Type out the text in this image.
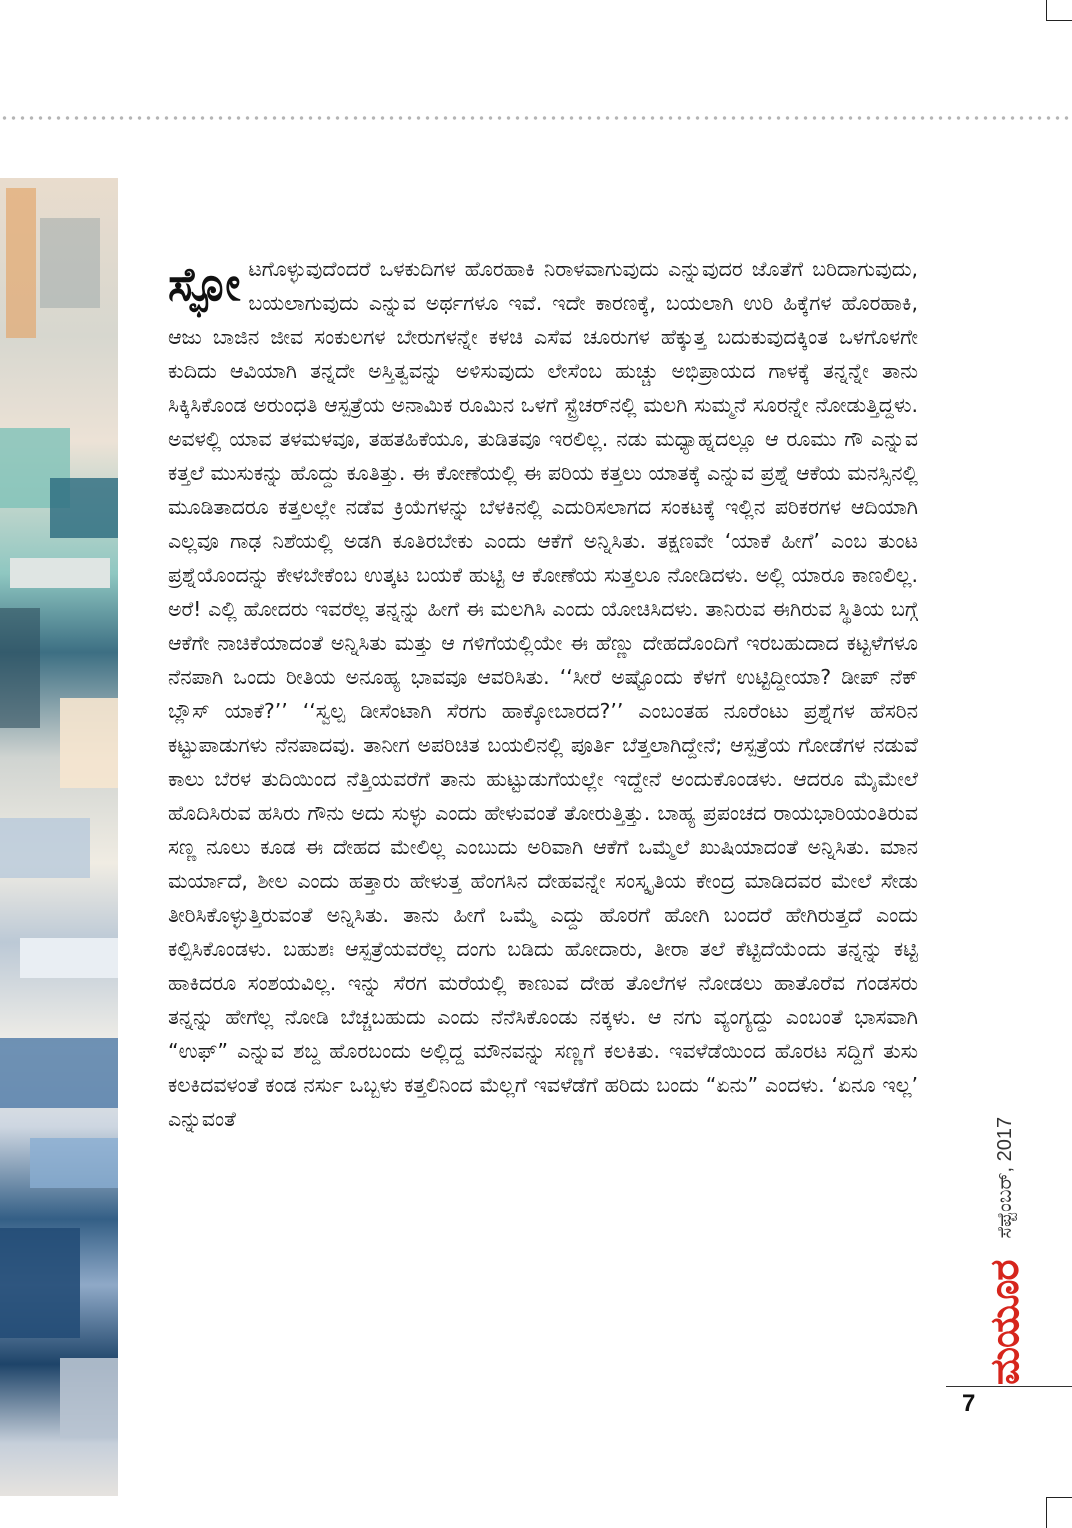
ಸ್ಫೋ ಟಗೊಳ್ಳುವುದೆಂದರೆ ಒಳಕುದಿಗಳ ಹೊರಹಾಕಿ ನಿರಾಳವಾಗುವುದು ಎನ್ನುವುದರ ಜೊತೆಗೆ ಬರಿದಾಗುವುದು, ಬಯಲಾಗುವುದು ಎನ್ನುವ ಅರ್ಥಗಳೂ ಇವೆ. ಇದೇ ಕಾರಣಕ್ಕೆ, ಬಯಲಾಗಿ ಉರಿ ಹಿಕ್ಕೆಗಳ ಹೊರಹಾಕಿ, ಆಜು ಬಾಜಿನ ಜೀವ ಸಂಕುಲಗಳ ಬೇರುಗಳನ್ನೇ ಕಳಚಿ ಎಸೆವ ಚೂರುಗಳ ಹೆಕ್ಕುತ್ತ ಬದುಕುವುದಕ್ಕಿಂತ ಒಳಗೊಳಗೇ ಕುದಿದು ಆವಿಯಾಗಿ ತನ್ನದೇ ಅಸ್ತಿತ್ವವನ್ನು ಅಳಿಸುವುದು ಲೇಸೆಂಬ ಹುಚ್ಚು ಅಭಿಪ್ರಾಯದ ಗಾಳಕ್ಕೆ ತನ್ನನ್ನೇ ತಾನು ಸಿಕ್ಕಿಸಿಕೊಂಡ ಅರುಂಧತಿ ಆಸ್ಪತ್ರೆಯ ಅನಾಮಿಕ ರೂಮಿನ ಒಳಗೆ ಸ್ಟ್ರೆಚರ್‌ನಲ್ಲಿ ಮಲಗಿ ಸುಮ್ಮನೆ ಸೂರನ್ನೇ ನೋಡುತ್ತಿದ್ದಳು. ಅವಳಲ್ಲಿ ಯಾವ ತಳಮಳವೂ, ತಹತಹಿಕೆಯೂ, ತುಡಿತವೂ ಇರಲಿಲ್ಲ. ನಡು ಮಧ್ಯಾಹ್ನದಲ್ಲೂ ಆ ರೂಮು ಗೌ ಎನ್ನುವ ಕತ್ತಲೆ ಮುಸುಕನ್ನು ಹೊದ್ದು ಕೂತಿತ್ತು. ಈ ಕೋಣೆಯಲ್ಲಿ ಈ ಪರಿಯ ಕತ್ತಲು ಯಾತಕ್ಕೆ ಎನ್ನುವ ಪ್ರಶ್ನೆ ಆಕೆಯ ಮನಸ್ಸಿನಲ್ಲಿ ಮೂಡಿತಾದರೂ ಕತ್ತಲಲ್ಲೇ ನಡೆವ ಕ್ರಿಯೆಗಳನ್ನು ಬೆಳಕಿನಲ್ಲಿ ಎದುರಿಸಲಾಗದ ಸಂಕಟಕ್ಕೆ ಇಲ್ಲಿನ ಪರಿಕರಗಳ ಆದಿಯಾಗಿ ಎಲ್ಲವೂ ಗಾಢ ನಿಶೆಯಲ್ಲಿ ಅಡಗಿ ಕೂತಿರಬೇಕು ಎಂದು ಆಕೆಗೆ ಅನ್ನಿಸಿತು. ತಕ್ಷಣವೇ ‘ಯಾಕೆ ಹೀಗೆ’ ಎಂಬ ತುಂಟ ಪ್ರಶ್ನೆಯೊಂದನ್ನು ಕೇಳಬೇಕೆಂಬ ಉತ್ಕಟ ಬಯಕೆ ಹುಟ್ಟಿ ಆ ಕೋಣೆಯ ಸುತ್ತಲೂ ನೋಡಿದಳು. ಅಲ್ಲಿ ಯಾರೂ ಕಾಣಲಿಲ್ಲ. ಅರೆ! ಎಲ್ಲಿ ಹೋದರು ಇವರೆಲ್ಲ ತನ್ನನ್ನು ಹೀಗೆ ಈ ಮಲಗಿಸಿ ಎಂದು ಯೋಚಿಸಿದಳು. ತಾನಿರುವ ಈಗಿರುವ ಸ್ಥಿತಿಯ ಬಗ್ಗೆ ಆಕೆಗೇ ನಾಚಿಕೆಯಾದಂತೆ ಅನ್ನಿಸಿತು ಮತ್ತು ಆ ಗಳಿಗೆಯಲ್ಲಿಯೇ ಈ ಹೆಣ್ಣು ದೇಹದೊಂದಿಗೆ ಇರಬಹುದಾದ ಕಟ್ಟಳೆಗಳೂ ನೆನಪಾಗಿ ಒಂದು ರೀತಿಯ ಅನೂಹ್ಯ ಭಾವವೂ ಆವರಿಸಿತು. ‘‘ಸೀರೆ ಅಷ್ಟೊಂದು ಕೆಳಗೆ ಉಟ್ಟಿದ್ದೀಯಾ? ಡೀಪ್ ನೆಕ್ ಬ್ಲೌಸ್ ಯಾಕೆ?’’ ‘‘ಸ್ವಲ್ಪ ಡೀಸೆಂಟಾಗಿ ಸೆರಗು ಹಾಕ್ಕೋಬಾರದ?’’ ಎಂಬಂತಹ ನೂರೆಂಟು ಪ್ರಶ್ನೆಗಳ ಹೆಸರಿನ ಕಟ್ಟುಪಾಡುಗಳು ನೆನಪಾದವು. ತಾನೀಗ ಅಪರಿಚಿತ ಬಯಲಿನಲ್ಲಿ ಪೂರ್ತಿ ಬೆತ್ತಲಾಗಿದ್ದೇನೆ; ಆಸ್ಪತ್ರೆಯ ಗೋಡೆಗಳ ನಡುವೆ ಕಾಲು ಬೆರಳ ತುದಿಯಿಂದ ನೆತ್ತಿಯವರೆಗೆ ತಾನು ಹುಟ್ಟುಡುಗೆಯಲ್ಲೇ ಇದ್ದೇನೆ ಅಂದುಕೊಂಡಳು. ಆದರೂ ಮೈಮೇಲೆ ಹೊದಿಸಿರುವ ಹಸಿರು ಗೌನು ಅದು ಸುಳ್ಳು ಎಂದು ಹೇಳುವಂತೆ ತೋರುತ್ತಿತ್ತು. ಬಾಹ್ಯ ಪ್ರಪಂಚದ ರಾಯಭಾರಿಯಂತಿರುವ ಸಣ್ಣ ನೂಲು ಕೂಡ ಈ ದೇಹದ ಮೇಲಿಲ್ಲ ಎಂಬುದು ಅರಿವಾಗಿ ಆಕೆಗೆ ಒಮ್ಮೆಲೆ ಖುಷಿಯಾದಂತೆ ಅನ್ನಿಸಿತು. ಮಾನ ಮರ್ಯಾದೆ, ಶೀಲ ಎಂದು ಹತ್ತಾರು ಹೇಳುತ್ತ ಹೆಂಗಸಿನ ದೇಹವನ್ನೇ ಸಂಸ್ಕೃತಿಯ ಕೇಂದ್ರ ಮಾಡಿದವರ ಮೇಲೆ ಸೇಡು ತೀರಿಸಿಕೊಳ್ಳುತ್ತಿರುವಂತೆ ಅನ್ನಿಸಿತು. ತಾನು ಹೀಗೆ ಒಮ್ಮೆ ಎದ್ದು ಹೊರಗೆ ಹೋಗಿ ಬಂದರೆ ಹೇಗಿರುತ್ತದೆ ಎಂದು ಕಲ್ಪಿಸಿಕೊಂಡಳು. ಬಹುಶಃ ಆಸ್ಪತ್ರೆಯವರೆಲ್ಲ ದಂಗು ಬಡಿದು ಹೋದಾರು, ತೀರಾ ತಲೆ ಕೆಟ್ಟಿದೆಯೆಂದು ತನ್ನನ್ನು ಕಟ್ಟಿ ಹಾಕಿದರೂ ಸಂಶಯವಿಲ್ಲ. ಇನ್ನು ಸೆರಗ ಮರೆಯಲ್ಲಿ ಕಾಣುವ ದೇಹ ತೊಲೆಗಳ ನೋಡಲು ಹಾತೊರೆವ ಗಂಡಸರು ತನ್ನನ್ನು ಹೇಗೆಲ್ಲ ನೋಡಿ ಬೆಚ್ಚಬಹುದು ಎಂದು ನೆನೆಸಿಕೊಂಡು ನಕ್ಕಳು. ಆ ನಗು ವ್ಯಂಗ್ಯದ್ದು ಎಂಬಂತೆ ಭಾಸವಾಗಿ “ಉಫ್” ಎನ್ನುವ ಶಬ್ದ ಹೊರಬಂದು ಅಲ್ಲಿದ್ದ ಮೌನವನ್ನು ಸಣ್ಣಗೆ ಕಲಕಿತು. ಇವಳೆಡೆಯಿಂದ ಹೊರಟ ಸದ್ದಿಗೆ ತುಸು ಕಲಕಿದವಳಂತೆ ಕಂಡ ನರ್ಸು ಒಬ್ಬಳು ಕತ್ತಲಿನಿಂದ ಮೆಲ್ಲಗೆ ಇವಳೆಡೆಗೆ ಹರಿದು ಬಂದು “ಏನು” ಎಂದಳು. ‘ಏನೂ ಇಲ್ಲ’ ಎನ್ನುವಂತೆ

ಮಯೂರ
ಸೆಪ್ಟೆಂಬರ್, 2017
7
